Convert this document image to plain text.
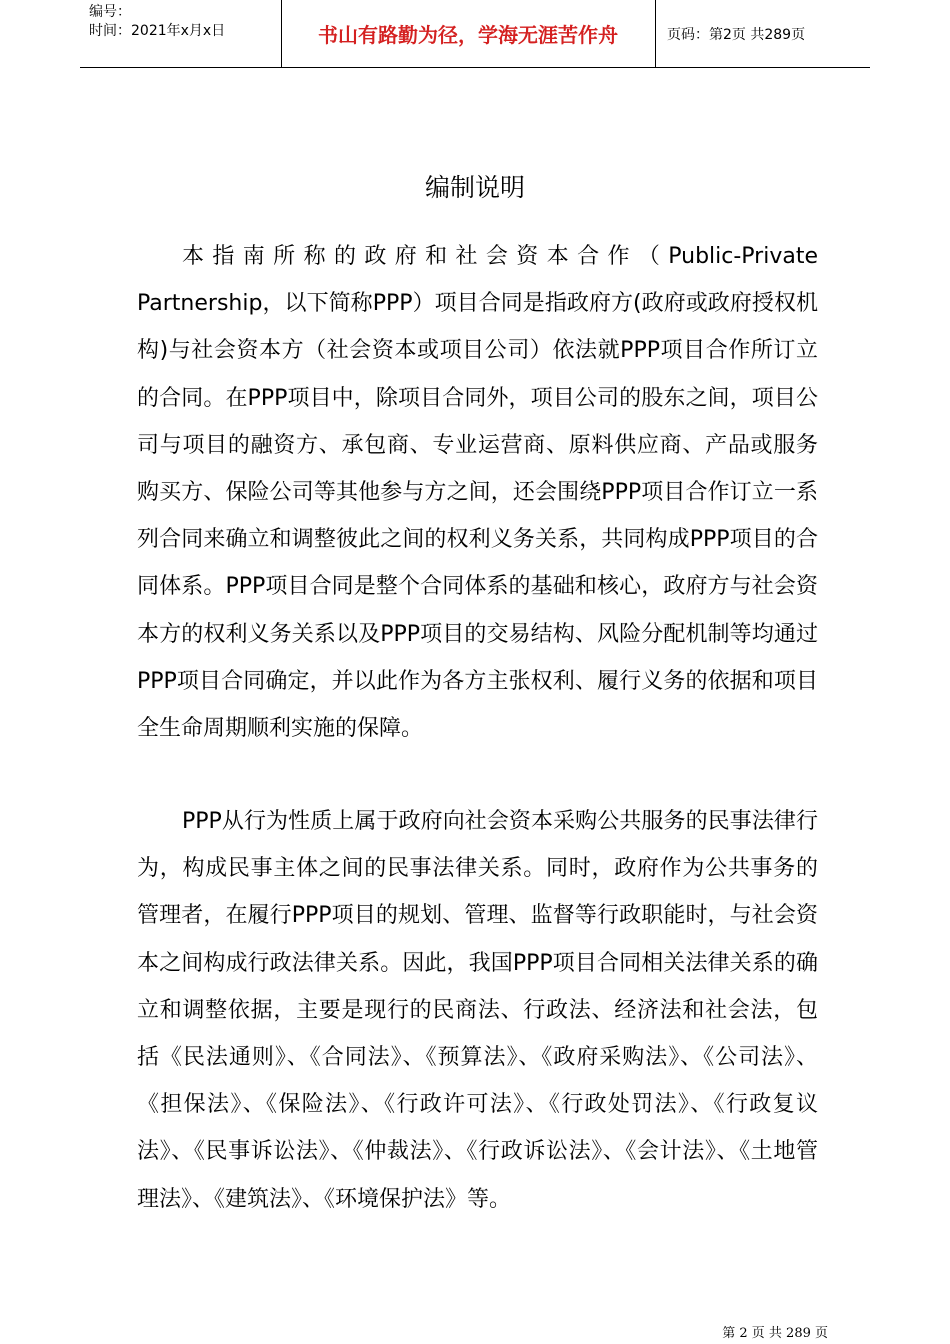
编号：
时间：2021年x月x日	书山有路勤为径，学海无涯苦作舟	页码：第2页 共289页
编制说明

本指南所称的政府和社会资本合作（Public-Private Partnership，以下简称PPP）项目合同是指政府方(政府或政府授权机构)与社会资本方（社会资本或项目公司）依法就PPP项目合作所订立的合同。在PPP项目中，除项目合同外，项目公司的股东之间，项目公司与项目的融资方、承包商、专业运营商、原料供应商、产品或服务购买方、保险公司等其他参与方之间，还会围绕PPP项目合作订立一系列合同来确立和调整彼此之间的权利义务关系，共同构成PPP项目的合同体系。PPP项目合同是整个合同体系的基础和核心，政府方与社会资本方的权利义务关系以及PPP项目的交易结构、风险分配机制等均通过PPP项目合同确定，并以此作为各方主张权利、履行义务的依据和项目全生命周期顺利实施的保障。

PPP从行为性质上属于政府向社会资本采购公共服务的民事法律行为，构成民事主体之间的民事法律关系。同时，政府作为公共事务的管理者，在履行PPP项目的规划、管理、监督等行政职能时，与社会资本之间构成行政法律关系。因此，我国PPP项目合同相关法律关系的确立和调整依据，主要是现行的民商法、行政法、经济法和社会法，包括《民法通则》、《合同法》、《预算法》、《政府采购法》、《公司法》、《担保法》、《保险法》、《行政许可法》、《行政处罚法》、《行政复议法》、《民事诉讼法》、《仲裁法》、《行政诉讼法》、《会计法》、《土地管理法》、《建筑法》、《环境保护法》等。

第 2 页 共 289 页
